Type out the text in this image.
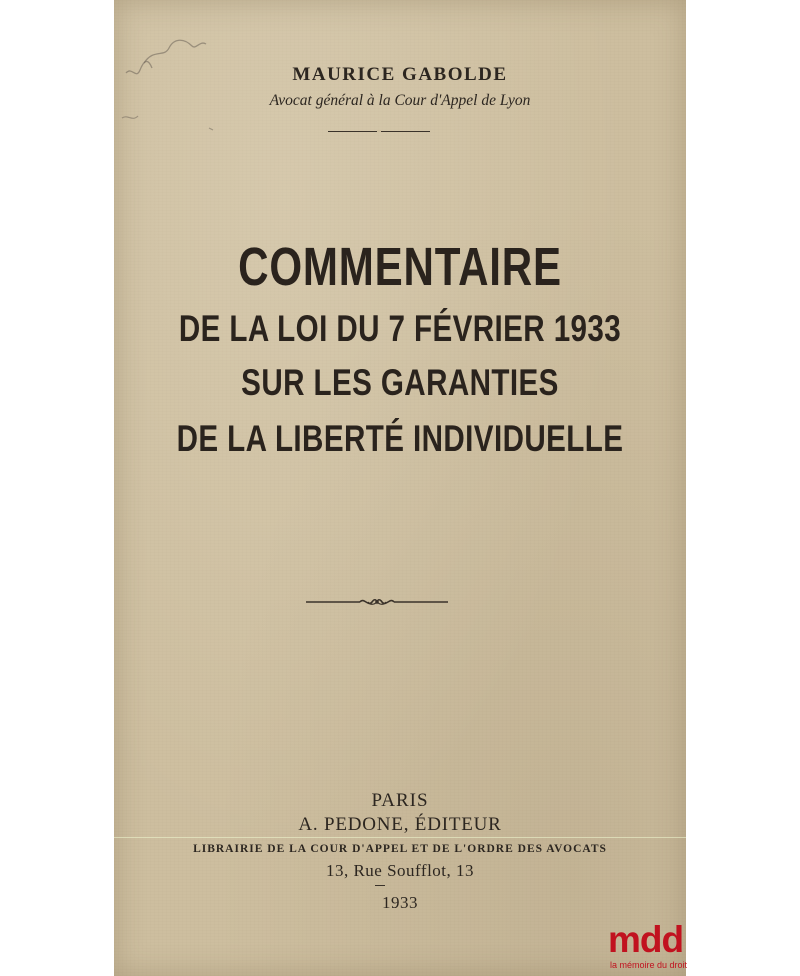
MAURICE GABOLDE
Avocat général à la Cour d'Appel de Lyon
COMMENTAIRE
DE LA LOI DU 7 FÉVRIER 1933
SUR LES GARANTIES
DE LA LIBERTÉ INDIVIDUELLE
PARIS
A. PEDONE, ÉDITEUR
LIBRAIRIE DE LA COUR D'APPEL ET DE L'ORDRE DES AVOCATS
13, Rue Soufflot, 13
1933
mdd
la mémoire du droit
